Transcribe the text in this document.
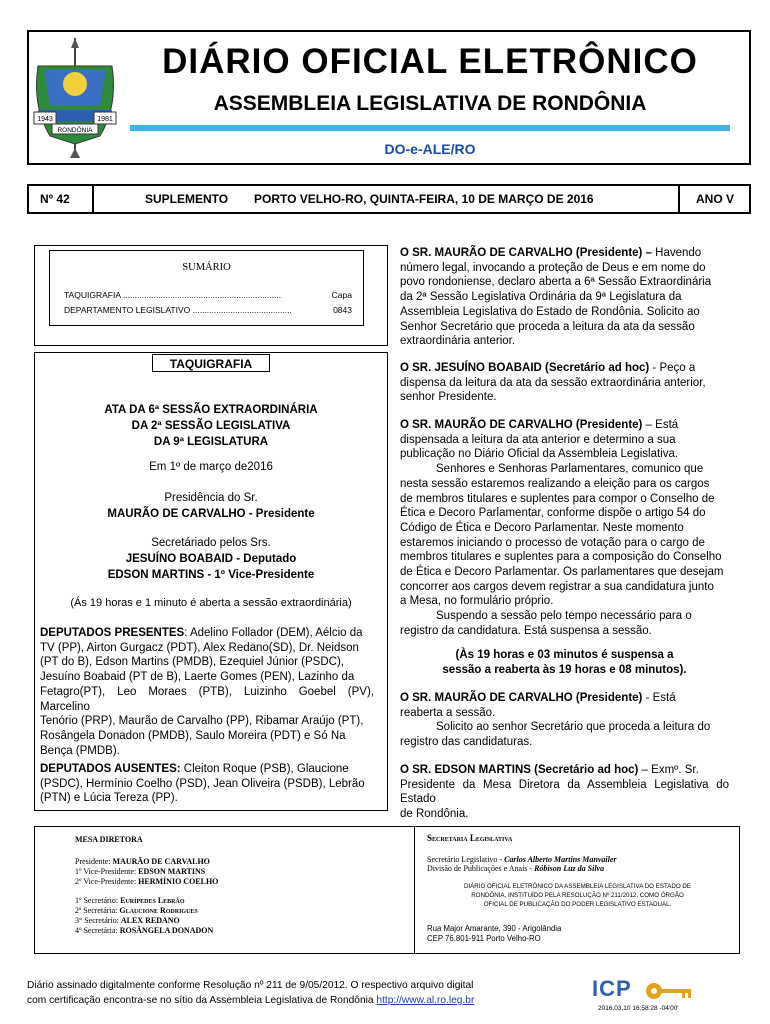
1943	1981
RONDÔNIA
DIÁRIO OFICIAL ELETRÔNICO
ASSEMBLEIA LEGISLATIVA DE RONDÔNIA
DO-e-ALE/RO
Nº 42	SUPLEMENTO PORTO VELHO-RO, QUINTA-FEIRA, 10 DE MARÇO DE 2016	ANO V
SUMÁRIO
TAQUIGRAFIA ...................................................................	Capa
DEPARTAMENTO LEGISLATIVO ..........................................	0843
TAQUIGRAFIA
ATA DA 6ª SESSÃO EXTRAORDINÁRIA
DA 2ª SESSÃO LEGISLATIVA
DA 9ª LEGISLATURA
Em 1º de março de2016
Presidência do Sr.
MAURÃO DE CARVALHO - Presidente
Secretáriado pelos Srs.
JESUÍNO BOABAID - Deputado
EDSON MARTINS - 1º Vice-Presidente
(Ás 19 horas e 1 minuto é aberta a sessão extraordinária)
DEPUTADOS PRESENTES: Adelino Follador (DEM), Aélcio da
TV (PP), Airton Gurgacz (PDT), Alex Redano(SD), Dr. Neidson
(PT do B), Edson Martins (PMDB), Ezequiel Júnior (PSDC),
Jesuíno Boabaid (PT de B), Laerte Gomes (PEN), Lazinho da
Fetagro(PT), Leo Moraes (PTB), Luizinho Goebel (PV), Marcelino
Tenório (PRP), Maurão de Carvalho (PP), Ribamar Araújo (PT),
Rosângela Donadon (PMDB), Saulo Moreira (PDT) e Só Na
Bença (PMDB).
DEPUTADOS AUSENTES: Cleiton Roque (PSB), Glaucione
(PSDC), Hermínio Coelho (PSD), Jean Oliveira (PSDB), Lebrão
(PTN) e Lúcia Tereza (PP).
O SR. MAURÃO DE CARVALHO (Presidente) – Havendo
número legal, invocando a proteção de Deus e em nome do
povo rondoniense, declaro aberta a 6ª Sessão Extraordinária
da 2ª Sessão Legislativa Ordinária da 9ª Legislatura da
Assembleia Legislativa do Estado de Rondônia. Solicito ao
Senhor Secretário que proceda a leitura da ata da sessão
extraordinária anterior.
O SR. JESUÍNO BOABAID (Secretário ad hoc) - Peço a
dispensa da leitura da ata da sessão extraordinária anterior,
senhor Presidente.
O SR. MAURÃO DE CARVALHO (Presidente) – Está
dispensada a leitura da ata anterior e determino a sua
publicação no Diário Oficial da Assembleia Legislativa.
Senhores e Senhoras Parlamentares, comunico que
nesta sessão estaremos realizando a eleição para os cargos
de membros titulares e suplentes para compor o Conselho de
Ética e Decoro Parlamentar, conforme dispõe o artigo 54 do
Código de Ética e Decoro Parlamentar. Neste momento
estaremos iniciando o processo de votação para o cargo de
membros titulares e suplentes para a composição do Conselho
de Ética e Decoro Parlamentar. Os parlamentares que desejam
concorrer aos cargos devem registrar a sua candidatura junto
a Mesa, no formulário próprio.
Suspendo a sessão pelo tempo necessário para o
registro da candidatura. Está suspensa a sessão.
(Às 19 horas e 03 minutos é suspensa a
sessão a reaberta às 19 horas e 08 minutos).
O SR. MAURÃO DE CARVALHO (Presidente) - Está
reaberta a sessão.
Solicito ao senhor Secretário que proceda a leitura do
registro das candidaturas.
O SR. EDSON MARTINS (Secretário ad hoc) – Exmº. Sr.
Presidente da Mesa Diretora da Assembleia Legislativa do Estado
de Rondônia.
MESA DIRETORA
Presidente: MAURÃO DE CARVALHO
1º Vice-Presidente: EDSON MARTINS
2º Vice-Presidente: HERMÍNIO COELHO
1º Secretário: Eurípedes Lebrão
2ª Secretária: Glaucione Rodrigues
3° Secretário: ALEX REDANO
4º Secretária: ROSÂNGELA DONADON
Secretaria Legislativa
Secretário Legislativo - Carlos Alberto Martins Manvailer
Divisão de Publicações e Anais - Róbison Luz da Silva
DIÁRIO OFICIAL ELETRÔNICO DA ASSEMBLEIA LEGISLATIVA DO ESTADO DE
RONDÔNIA, INSTITUÍDO PELA RESOLUÇÃO Nº 211/2012, COMO ÓRGÃO
OFICIAL DE PUBLICAÇÃO DO PODER LEGISLATIVO ESTADUAL.
Rua Major Amarante, 390 - Arigolândia
CEP 76.801-911 Porto Velho-RO
Diário assinado digitalmente conforme Resolução nº 211 de 9/05/2012. O respectivo arquivo digital
com certificação encontra-se no sítio da Assembleia Legislativa de Rondônia http://www.al.ro.leg.br	ICP
2016.03.10 16:58:28 -04'00'
